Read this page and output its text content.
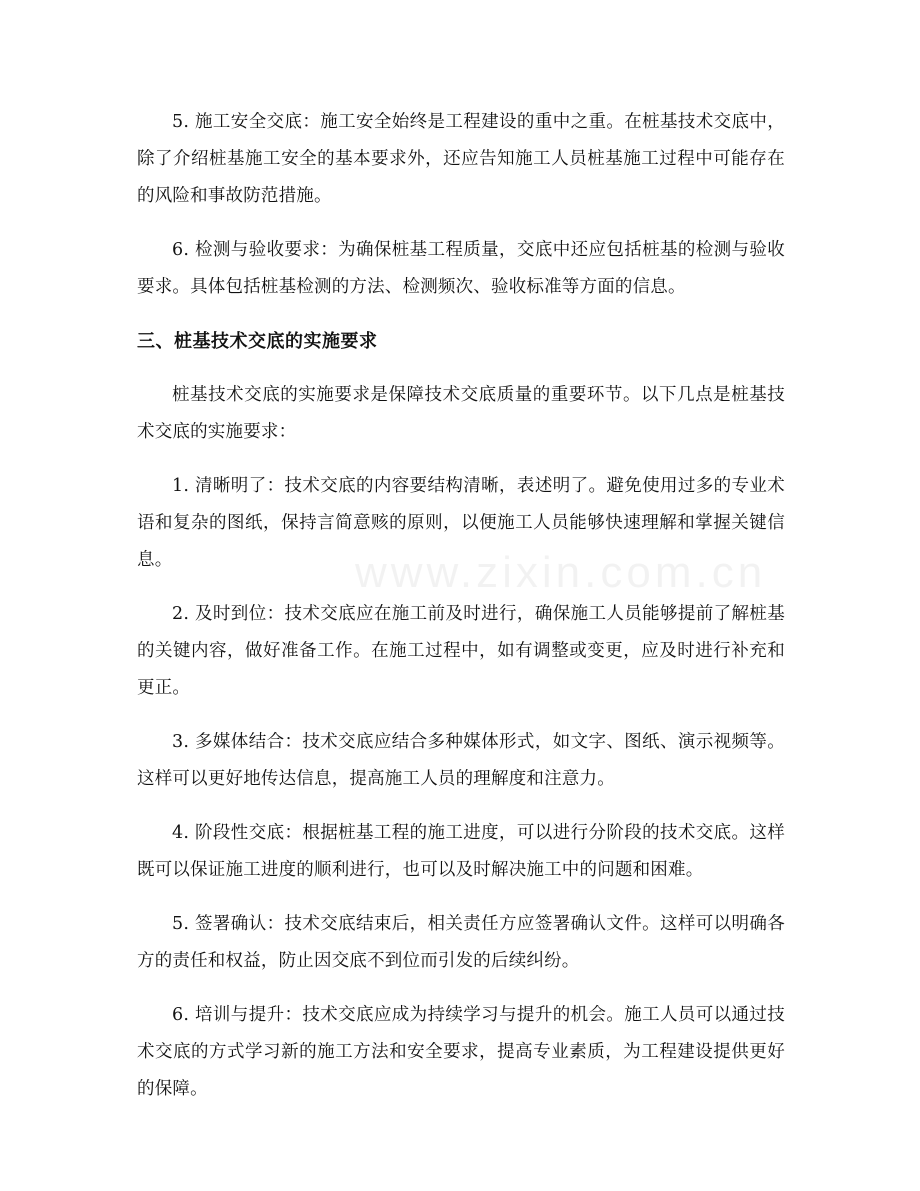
www.zixin.com.cn

5. 施工安全交底：施工安全始终是工程建设的重中之重。在桩基技术交底中，除了介绍桩基施工安全的基本要求外，还应告知施工人员桩基施工过程中可能存在的风险和事故防范措施。

6. 检测与验收要求：为确保桩基工程质量，交底中还应包括桩基的检测与验收要求。具体包括桩基检测的方法、检测频次、验收标准等方面的信息。

三、桩基技术交底的实施要求

桩基技术交底的实施要求是保障技术交底质量的重要环节。以下几点是桩基技术交底的实施要求：

1. 清晰明了：技术交底的内容要结构清晰，表述明了。避免使用过多的专业术语和复杂的图纸，保持言简意赅的原则，以便施工人员能够快速理解和掌握关键信息。

2. 及时到位：技术交底应在施工前及时进行，确保施工人员能够提前了解桩基的关键内容，做好准备工作。在施工过程中，如有调整或变更，应及时进行补充和更正。

3. 多媒体结合：技术交底应结合多种媒体形式，如文字、图纸、演示视频等。这样可以更好地传达信息，提高施工人员的理解度和注意力。

4. 阶段性交底：根据桩基工程的施工进度，可以进行分阶段的技术交底。这样既可以保证施工进度的顺利进行，也可以及时解决施工中的问题和困难。

5. 签署确认：技术交底结束后，相关责任方应签署确认文件。这样可以明确各方的责任和权益，防止因交底不到位而引发的后续纠纷。

6. 培训与提升：技术交底应成为持续学习与提升的机会。施工人员可以通过技术交底的方式学习新的施工方法和安全要求，提高专业素质，为工程建设提供更好的保障。
